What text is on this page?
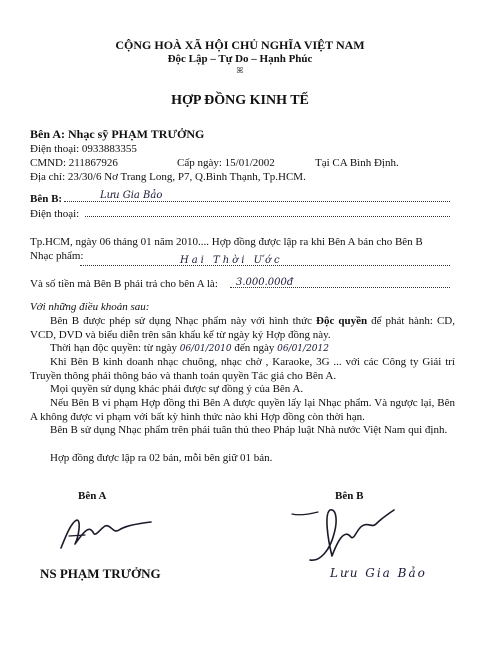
CỘNG HOÀ XÃ HỘI CHỦ NGHĨA VIỆT NAM
Độc Lập – Tự Do – Hạnh Phúc
ꕤ
HỢP ĐỒNG KINH TẾ
Bên A: Nhạc sỹ PHẠM TRƯỞNG
Điện thoại: 0933883355
CMND: 211867926	Cấp ngày: 15/01/2002	Tại CA Bình Định.
Địa chỉ: 23/30/6 Nơ Trang Long, P7, Q.Bình Thạnh, Tp.HCM.
Bên B:	Lưu Gia Bảo
Điện thoại:
Tp.HCM, ngày 06 tháng 01 năm 2010.... Hợp đồng được lập ra khi Bên A bán cho Bên B
Nhạc phẩm:	Hai Thời Ước
Và số tiền mà Bên B phải trả cho bên A là: 3.000.000đ
Với những điều khoản sau:
Bên B được phép sử dụng Nhạc phẩm này với hình thức Độc quyền để phát hành: CD, VCD, DVD và biểu diễn trên sân khấu kể từ ngày ký Hợp đồng này.
Thời hạn độc quyền: từ ngày 06/01/2010 đến ngày 06/01/2012
Khi Bên B kinh doanh nhạc chuông, nhạc chờ , Karaoke, 3G ... với các Công ty Giải trí Truyền thông phải thông báo và thanh toán quyền Tác giả cho Bên A.
Mọi quyền sử dụng khác phải được sự đồng ý của Bên A.
Nếu Bên B vi phạm Hợp đồng thì Bên A được quyền lấy lại Nhạc phẩm. Và ngược lại, Bên A không được vi phạm với bất kỳ hình thức nào khi Hợp đồng còn thời hạn.
Bên B sử dụng Nhạc phẩm trên phải tuân thủ theo Pháp luật Nhà nước Việt Nam qui định.
Hợp đồng được lập ra 02 bản, mỗi bên giữ 01 bản.
Bên A	Bên B
NS PHẠM TRƯỞNG	Lưu Gia Bảo
